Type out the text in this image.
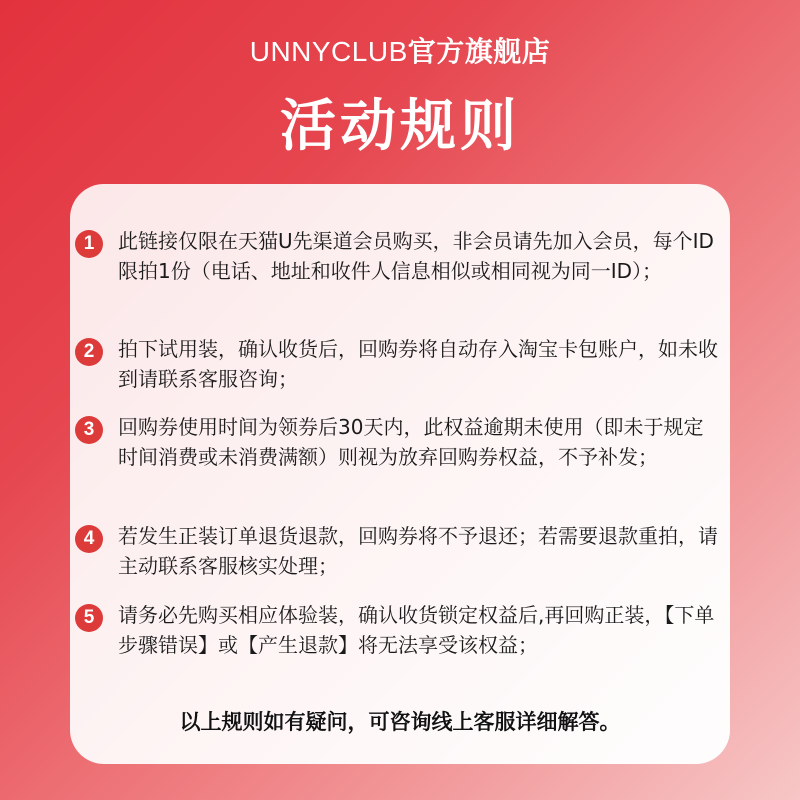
UNNYCLUB官方旗舰店
活动规则
1	此链接仅限在天猫U先渠道会员购买，非会员请先加入会员，每个ID限拍1份（电话、地址和收件人信息相似或相同视为同一ID）；
2	拍下试用装，确认收货后，回购券将自动存入淘宝卡包账户，如未收到请联系客服咨询；
3	回购券使用时间为领券后30天内，此权益逾期未使用（即未于规定时间消费或未消费满额）则视为放弃回购券权益，不予补发；
4	若发生正装订单退货退款，回购券将不予退还；若需要退款重拍，请主动联系客服核实处理；
5	请务必先购买相应体验装，确认收货锁定权益后,再回购正装，【下单步骤错误】或【产生退款】将无法享受该权益；
以上规则如有疑问，可咨询线上客服详细解答。
